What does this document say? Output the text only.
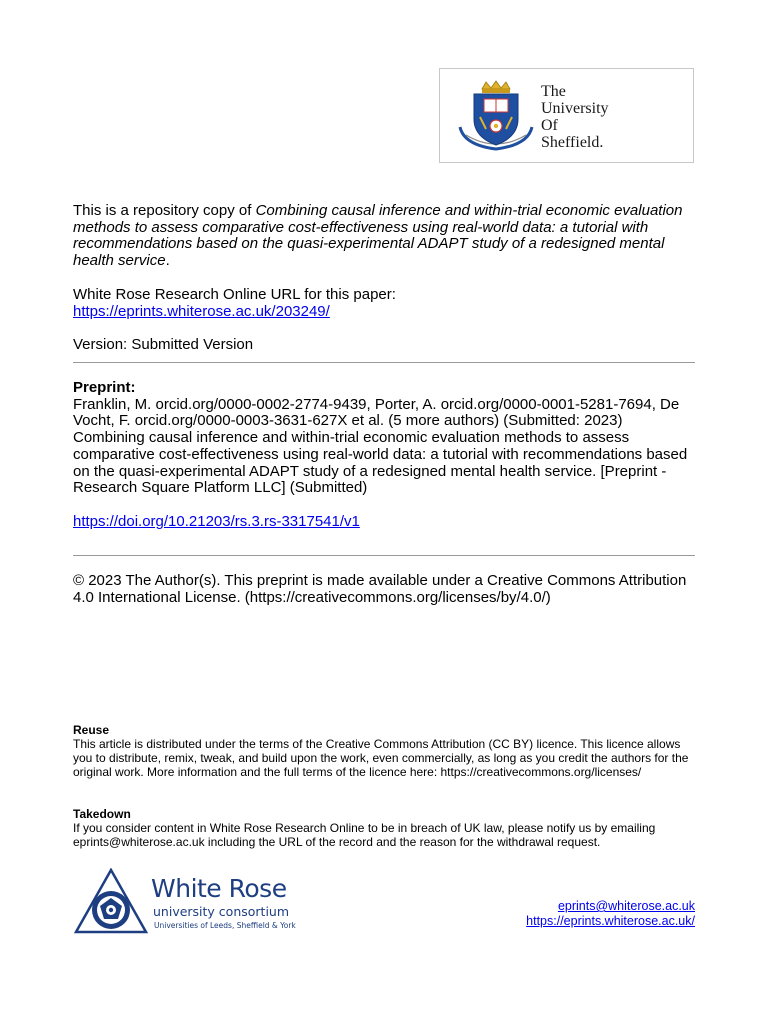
The
University
Of
Sheffield.

This is a repository copy of Combining causal inference and within-trial economic evaluation methods to assess comparative cost-effectiveness using real-world data: a tutorial with recommendations based on the quasi-experimental ADAPT study of a redesigned mental health service.

White Rose Research Online URL for this paper:

https://eprints.whiterose.ac.uk/203249/

Version: Submitted Version

Preprint:

Franklin, M. orcid.org/0000-0002-2774-9439, Porter, A. orcid.org/0000-0001-5281-7694, De Vocht, F. orcid.org/0000-0003-3631-627X et al. (5 more authors) (Submitted: 2023) Combining causal inference and within-trial economic evaluation methods to assess comparative cost-effectiveness using real-world data: a tutorial with recommendations based on the quasi-experimental ADAPT study of a redesigned mental health service. [Preprint - Research Square Platform LLC] (Submitted)

https://doi.org/10.21203/rs.3.rs-3317541/v1

© 2023 The Author(s). This preprint is made available under a Creative Commons Attribution 4.0 International License. (https://creativecommons.org/licenses/by/4.0/)

Reuse
This article is distributed under the terms of the Creative Commons Attribution (CC BY) licence. This licence allows you to distribute, remix, tweak, and build upon the work, even commercially, as long as you credit the authors for the original work. More information and the full terms of the licence here: https://creativecommons.org/licenses/
Takedown
If you consider content in White Rose Research Online to be in breach of UK law, please notify us by emailing eprints@whiterose.ac.uk including the URL of the record and the reason for the withdrawal request.
White Rose
university consortium
Universities of Leeds, Sheffield & York
eprints@whiterose.ac.uk
https://eprints.whiterose.ac.uk/
